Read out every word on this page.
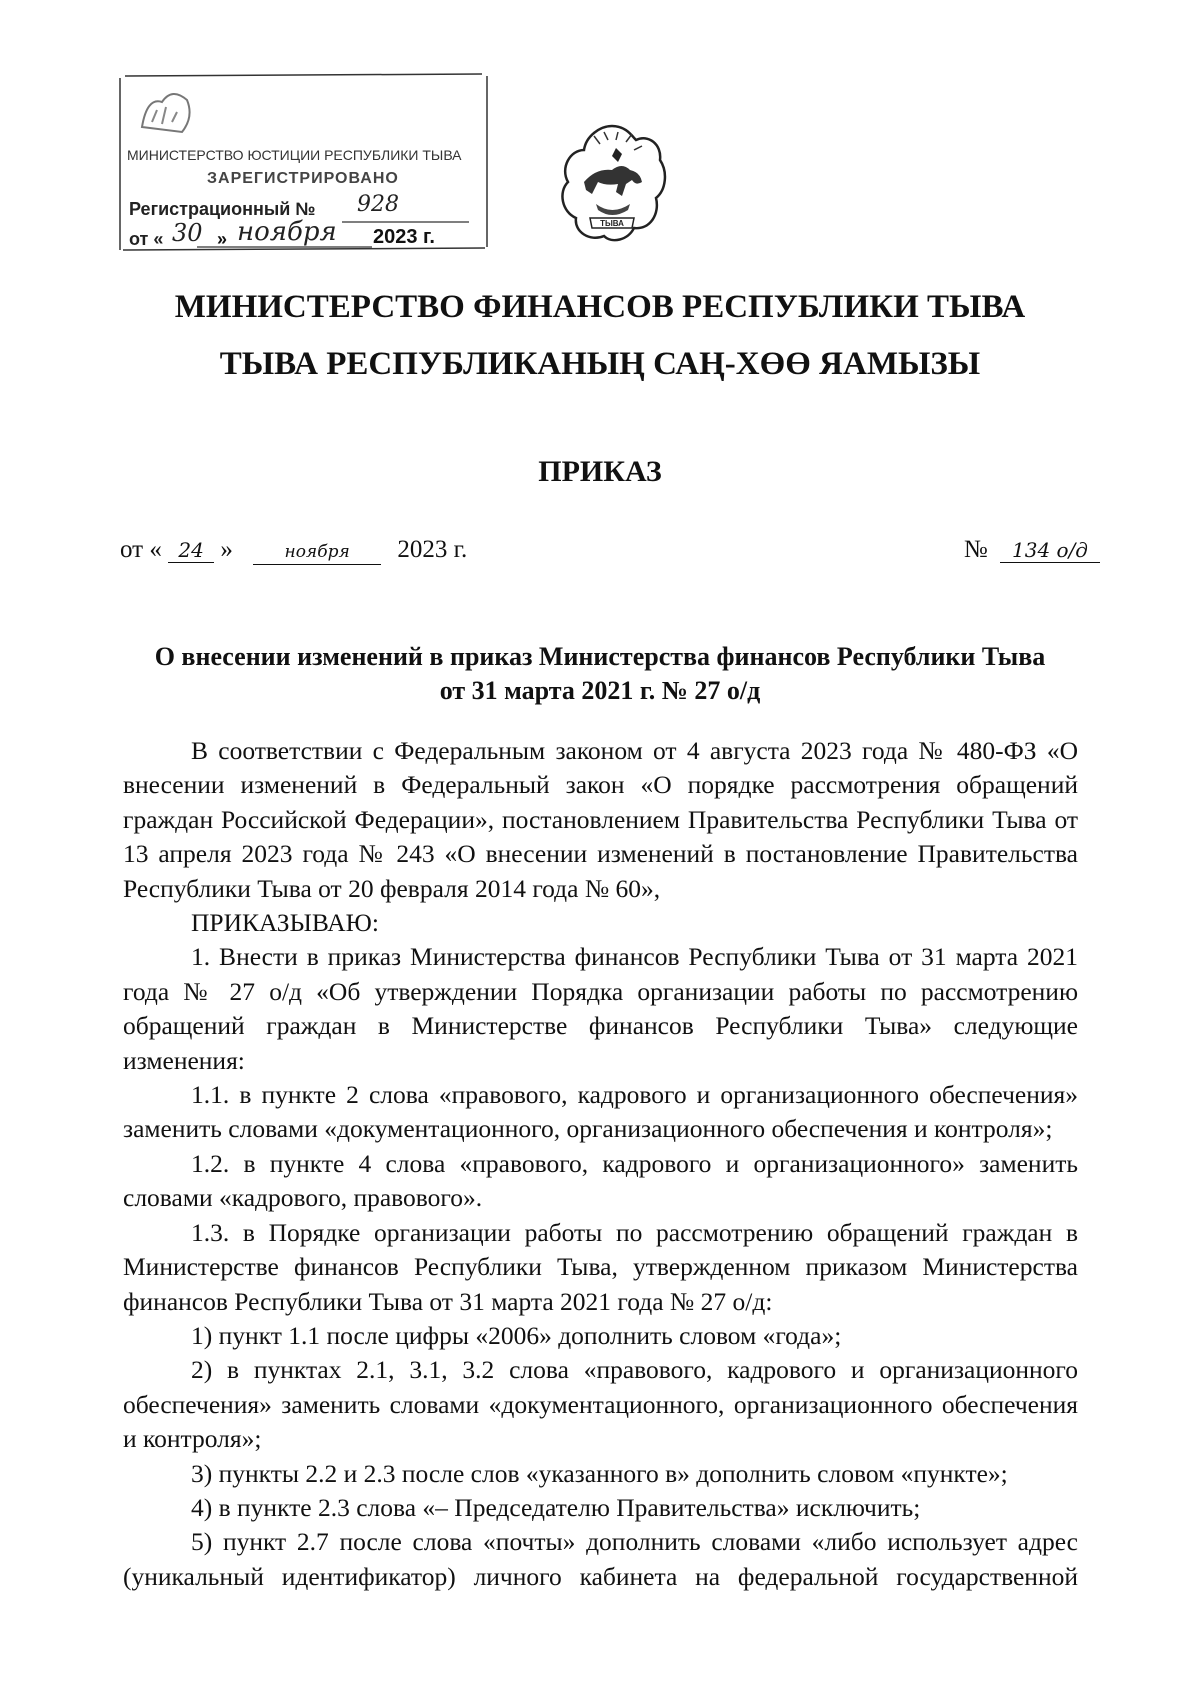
МИНИСТЕРСТВО ЮСТИЦИИ РЕСПУБЛИКИ ТЫВА
ЗАРЕГИСТРИРОВАНО
Регистрационный № 928
от « 30 » ноября 2023 г.
ТЫВА
МИНИСТЕРСТВО ФИНАНСОВ РЕСПУБЛИКИ ТЫВА
ТЫВА РЕСПУБЛИКАНЫҢ САҢ-ХӨӨ ЯАМЫЗЫ
ПРИКАЗ
от « 24 »	ноября 2023 г.	№ 134 о/д
О внесении изменений в приказ Министерства финансов Республики Тыва
от 31 марта 2021 г. № 27 о/д

В соответствии с Федеральным законом от 4 августа 2023 года № 480-ФЗ «О внесении изменений в Федеральный закон «О порядке рассмотрения обращений граждан Российской Федерации», постановлением Правительства Республики Тыва от 13 апреля 2023 года № 243 «О внесении изменений в постановление Правительства Республики Тыва от 20 февраля 2014 года № 60»,

ПРИКАЗЫВАЮ:

1. Внести в приказ Министерства финансов Республики Тыва от 31 марта 2021 года № 27 о/д «Об утверждении Порядка организации работы по рассмотрению обращений граждан в Министерстве финансов Республики Тыва» следующие изменения:

1.1. в пункте 2 слова «правового, кадрового и организационного обеспечения» заменить словами «документационного, организационного обеспечения и контроля»;

1.2. в пункте 4 слова «правового, кадрового и организационного» заменить словами «кадрового, правового».

1.3. в Порядке организации работы по рассмотрению обращений граждан в Министерстве финансов Республики Тыва, утвержденном приказом Министерства финансов Республики Тыва от 31 марта 2021 года № 27 о/д:

1) пункт 1.1 после цифры «2006» дополнить словом «года»;

2) в пунктах 2.1, 3.1, 3.2 слова «правового, кадрового и организационного обеспечения» заменить словами «документационного, организационного обеспечения и контроля»;

3) пункты 2.2 и 2.3 после слов «указанного в» дополнить словом «пункте»;

4) в пункте 2.3 слова «– Председателю Правительства» исключить;

5) пункт 2.7 после слова «почты» дополнить словами «либо использует адрес (уникальный идентификатор) личного кабинета на федеральной государственной
